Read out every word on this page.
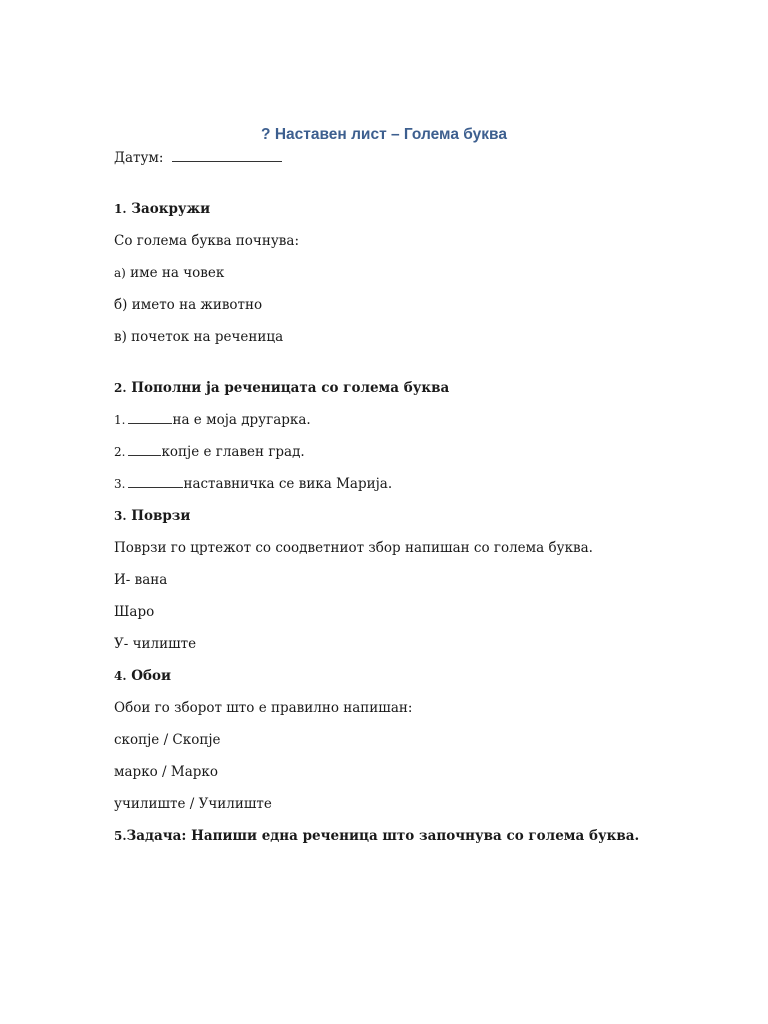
? Наставен лист – Голема буква
Датум:
1. Заокружи
Со голема буква почнува:
а) име на човек
б) името на животно
в) почеток на реченица
2. Пополни ја реченицата со голема буква
1.	на е моја другарка.
2.	копје е главен град.
3.	наставничка се вика Марија.
3. Поврзи
Поврзи го цртежот со соодветниот збор напишан со голема буква.
И- вана
Шаро
У- чилиште
4. Обои
Обои го зборот што е правилно напишан:
скопје / Скопје
марко / Марко
училиште / Училиште
5.Задача: Напиши една реченица што започнува со голема буква.
